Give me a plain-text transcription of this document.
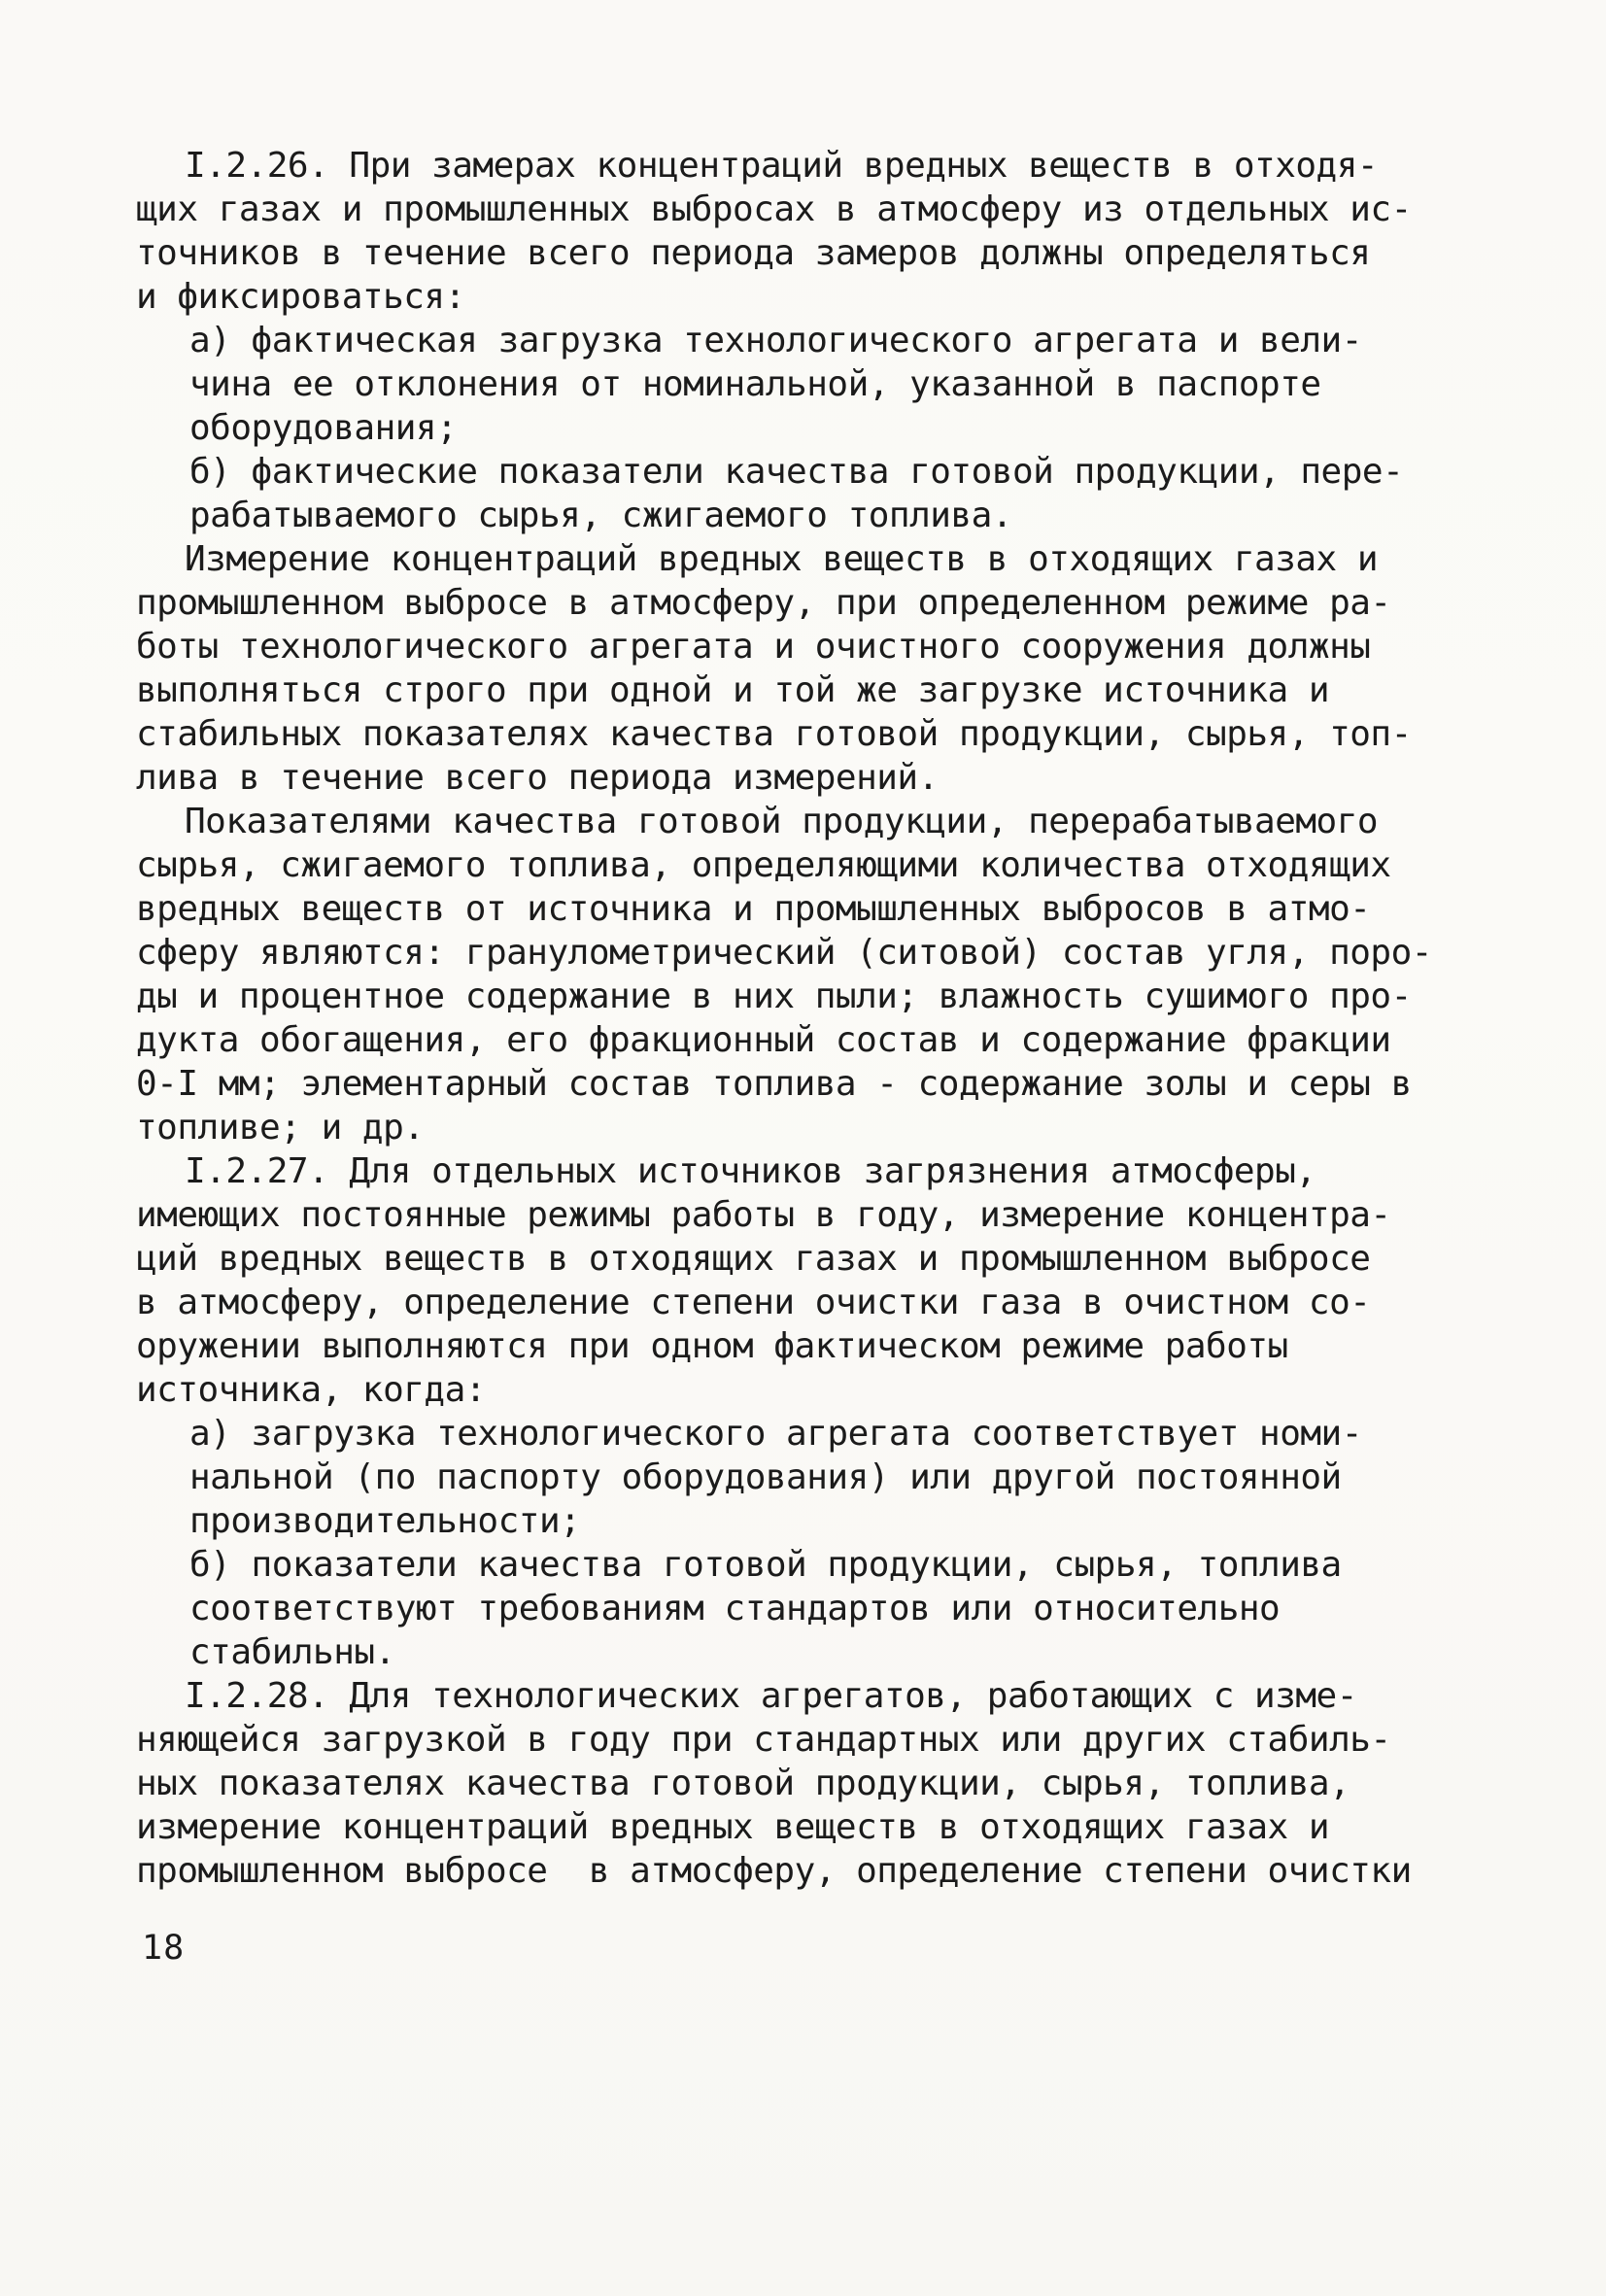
I.2.26. При замерах концентраций вредных веществ в отходя-
щих газах и промышленных выбросах в атмосферу из отдельных ис-
точников в течение всего периода замеров должны определяться
и фиксироваться:
а) фактическая загрузка технологического агрегата и вели-
чина ее отклонения от номинальной, указанной в паспорте
оборудования;
б) фактические показатели качества готовой продукции, пере-
рабатываемого сырья, сжигаемого топлива.
Измерение концентраций вредных веществ в отходящих газах и
промышленном выбросе в атмосферу, при определенном режиме ра-
боты технологического агрегата и очистного сооружения должны
выполняться строго при одной и той же загрузке источника и
стабильных показателях качества готовой продукции, сырья, топ-
лива в течение всего периода измерений.
Показателями качества готовой продукции, перерабатываемого
сырья, сжигаемого топлива, определяющими количества отходящих
вредных веществ от источника и промышленных выбросов в атмо-
сферу являются: гранулометрический (ситовой) состав угля, поро-
ды и процентное содержание в них пыли; влажность сушимого про-
дукта обогащения, его фракционный состав и содержание фракции
0-I мм; элементарный состав топлива - содержание золы и серы в
топливе; и др.
I.2.27. Для отдельных источников загрязнения атмосферы,
имеющих постоянные режимы работы в году, измерение концентра-
ций вредных веществ в отходящих газах и промышленном выбросе
в атмосферу, определение степени очистки газа в очистном со-
оружении выполняются при одном фактическом режиме работы
источника, когда:
а) загрузка технологического агрегата соответствует номи-
нальной (по паспорту оборудования) или другой постоянной
производительности;
б) показатели качества готовой продукции, сырья, топлива
соответствуют требованиям стандартов или относительно
стабильны.
I.2.28. Для технологических агрегатов, работающих с изме-
няющейся загрузкой в году при стандартных или других стабиль-
ных показателях качества готовой продукции, сырья, топлива,
измерение концентраций вредных веществ в отходящих газах и
промышленном выбросе  в атмосферу, определение степени очистки
18
